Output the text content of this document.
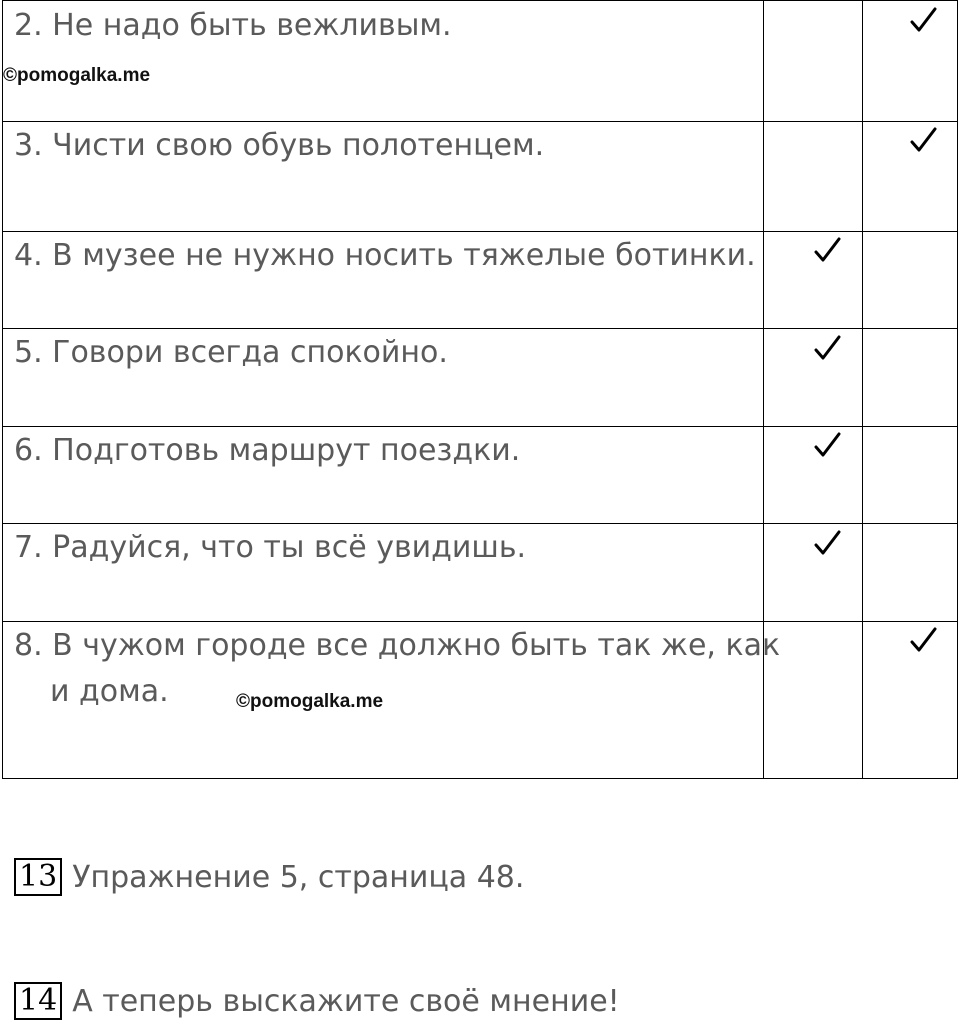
2. Не надо быть вежливым.
3. Чисти свою обувь полотенцем.
4. В музее не нужно носить тяжелые ботинки.
5. Говори всегда спокойно.
6. Подготовь маршрут поездки.
7. Радуйся, что ты всё увидишь.
8. В чужом городе все должно быть так же, как
и дома.
©pomogalka.me
©pomogalka.me
13 Упражнение 5, страница 48.
14 А теперь выскажите своё мнение!
